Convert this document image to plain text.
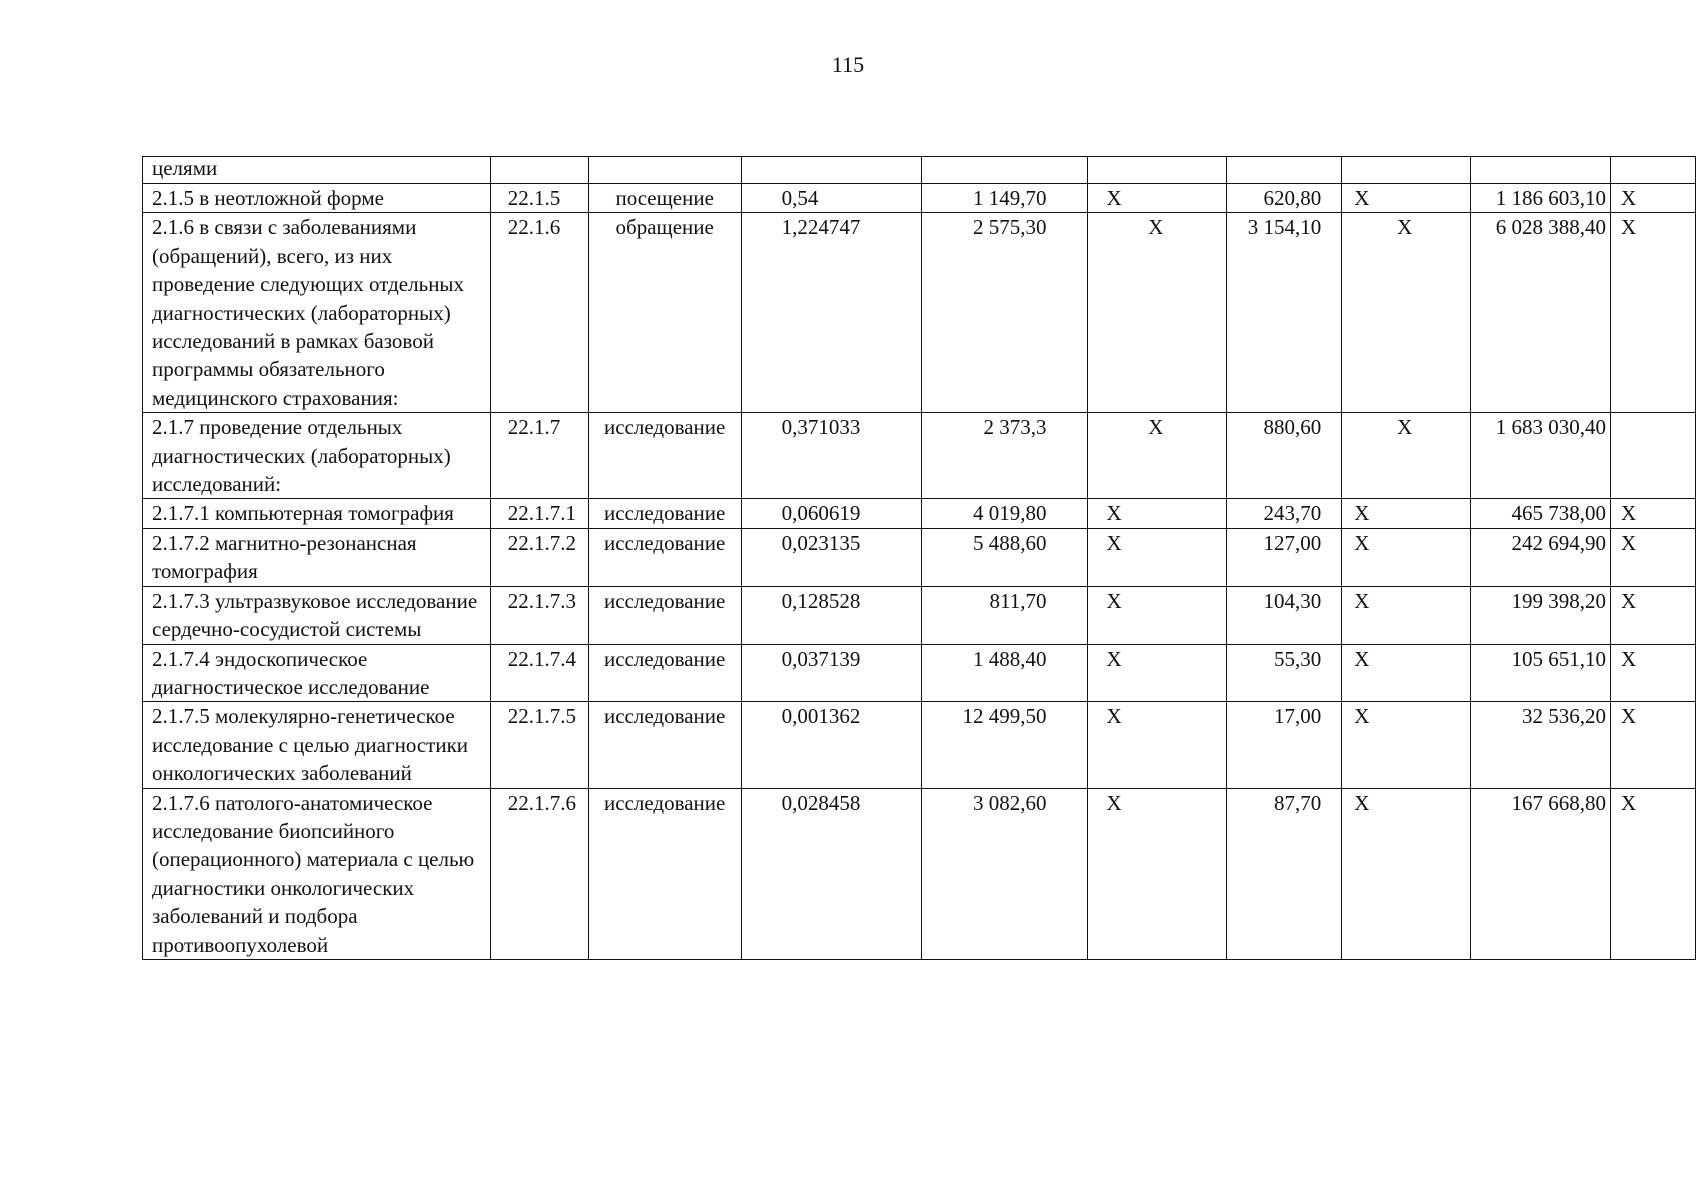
115
целями									
2.1.5 в неотложной форме	22.1.5	посещение	0,54	1 149,70	Х	620,80	Х	1 186 603,10	Х
2.1.6 в связи с заболеваниями (обращений), всего, из них проведение следующих отдельных диагностических (лабораторных) исследований в рамках базовой программы обязательного медицинского страхования:	22.1.6	обращение	1,224747	2 575,30	Х	3 154,10	Х	6 028 388,40	Х
2.1.7 проведение отдельных диагностических (лабораторных) исследований:	22.1.7	исследование	0,371033	2 373,3	Х	880,60	Х	1 683 030,40	
2.1.7.1 компьютерная томография	22.1.7.1	исследование	0,060619	4 019,80	Х	243,70	Х	465 738,00	Х
2.1.7.2 магнитно-резонансная томография	22.1.7.2	исследование	0,023135	5 488,60	Х	127,00	Х	242 694,90	Х
2.1.7.3 ультразвуковое исследование сердечно-сосудистой системы	22.1.7.3	исследование	0,128528	811,70	Х	104,30	Х	199 398,20	Х
2.1.7.4 эндоскопическое диагностическое исследование	22.1.7.4	исследование	0,037139	1 488,40	Х	55,30	Х	105 651,10	Х
2.1.7.5 молекулярно-генетическое исследование с целью диагностики онкологических заболеваний	22.1.7.5	исследование	0,001362	12 499,50	Х	17,00	Х	32 536,20	Х
2.1.7.6 патолого-анатомическое исследование биопсийного (операционного) материала с целью диагностики онкологических заболеваний и подбора противоопухолевой	22.1.7.6	исследование	0,028458	3 082,60	Х	87,70	Х	167 668,80	Х
